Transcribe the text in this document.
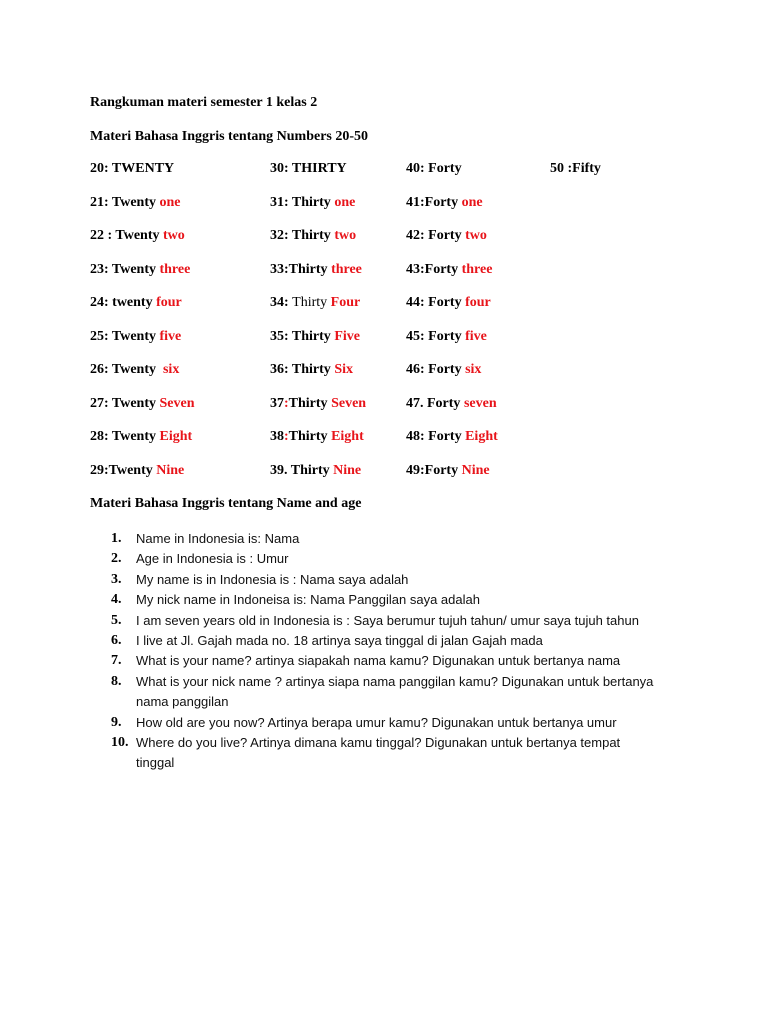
Rangkuman materi semester 1 kelas 2
Materi Bahasa Inggris tentang Numbers 20-50
20: TWENTY
21: Twenty one
22 : Twenty two
23: Twenty three
24: twenty four
25: Twenty five
26: Twenty  six
27: Twenty Seven
28: Twenty Eight
29:Twenty Nine
30: THIRTY
31: Thirty one
32: Thirty two
33:Thirty three
34: Thirty Four
35: Thirty Five
36: Thirty Six
37:Thirty Seven
38:Thirty Eight
39. Thirty Nine
40: Forty
41:Forty one
42: Forty two
43:Forty three
44: Forty four
45: Forty five
46: Forty six
47. Forty seven
48: Forty Eight
49:Forty Nine
50 :Fifty
Materi Bahasa Inggris tentang Name and age
1. Name in Indonesia is: Nama
2. Age in Indonesia is : Umur
3. My name is in Indonesia is : Nama saya adalah
4. My nick name in Indoneisa is: Nama Panggilan saya adalah
5. I am seven years old in Indonesia is : Saya berumur tujuh tahun/ umur saya tujuh tahun
6. I live at Jl. Gajah mada no. 18 artinya saya tinggal di jalan Gajah mada
7. What is your name? artinya siapakah nama kamu? Digunakan untuk bertanya nama
8. What is your nick name ? artinya siapa nama panggilan kamu? Digunakan untuk bertanya
nama panggilan
9. How old are you now? Artinya berapa umur kamu? Digunakan untuk bertanya umur
10. Where do you live? Artinya dimana kamu tinggal? Digunakan untuk bertanya tempat
tinggal
